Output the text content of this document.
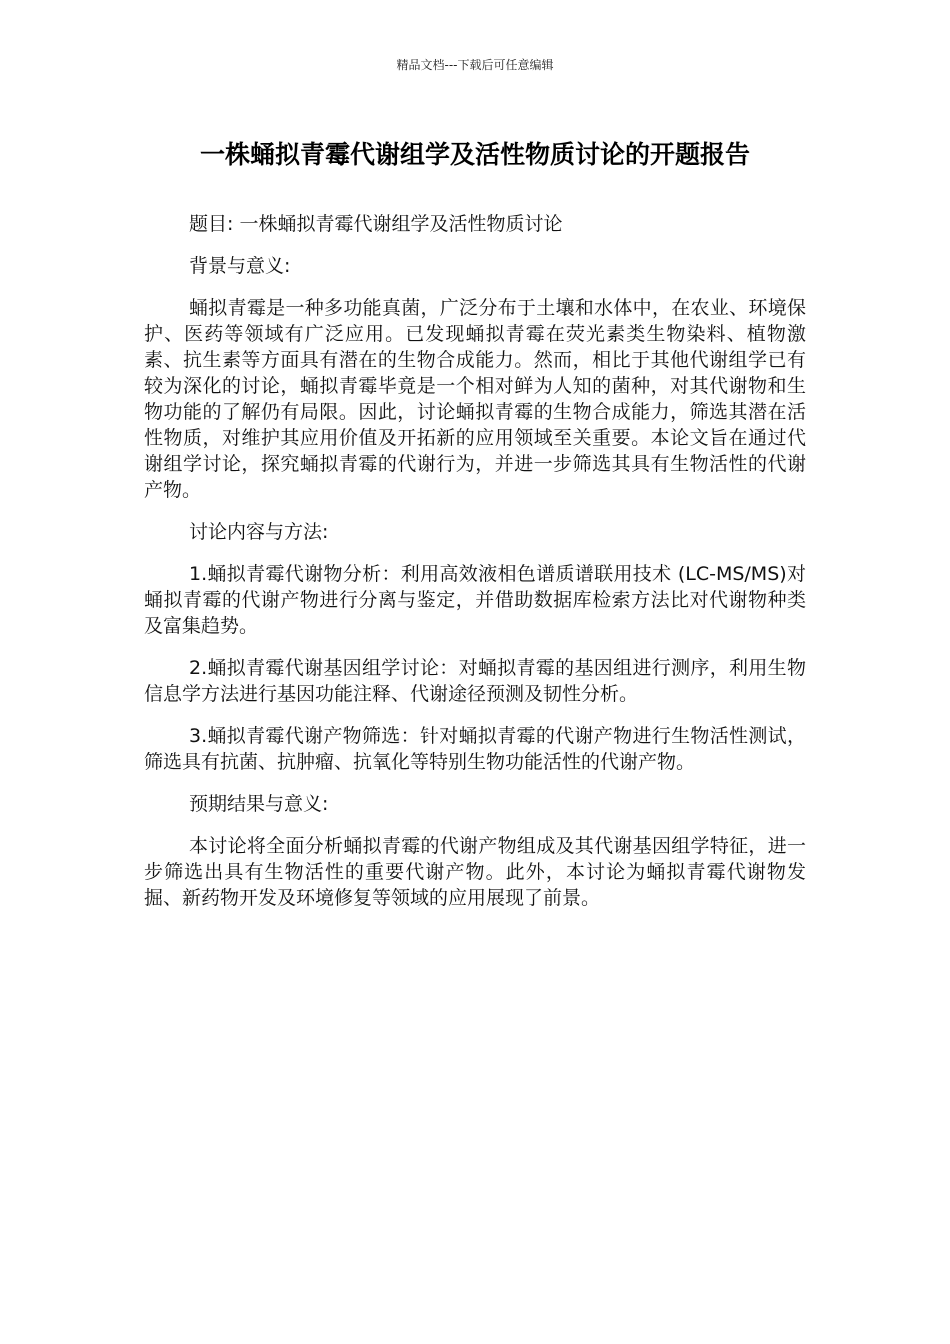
精品文档---下载后可任意编辑
一株蛹拟青霉代谢组学及活性物质讨论的开题报告

题目: 一株蛹拟青霉代谢组学及活性物质讨论

背景与意义:

蛹拟青霉是一种多功能真菌，广泛分布于土壤和水体中，在农业、环境保护、医药等领域有广泛应用。已发现蛹拟青霉在荧光素类生物染料、植物激素、抗生素等方面具有潜在的生物合成能力。然而，相比于其他代谢组学已有较为深化的讨论，蛹拟青霉毕竟是一个相对鲜为人知的菌种，对其代谢物和生物功能的了解仍有局限。因此，讨论蛹拟青霉的生物合成能力，筛选其潜在活性物质，对维护其应用价值及开拓新的应用领域至关重要。本论文旨在通过代谢组学讨论，探究蛹拟青霉的代谢行为，并进一步筛选其具有生物活性的代谢产物。

讨论内容与方法:

1.蛹拟青霉代谢物分析：利用高效液相色谱质谱联用技术 (LC-MS/MS)对蛹拟青霉的代谢产物进行分离与鉴定，并借助数据库检索方法比对代谢物种类及富集趋势。

2.蛹拟青霉代谢基因组学讨论：对蛹拟青霉的基因组进行测序，利用生物信息学方法进行基因功能注释、代谢途径预测及韧性分析。

3.蛹拟青霉代谢产物筛选：针对蛹拟青霉的代谢产物进行生物活性测试，筛选具有抗菌、抗肿瘤、抗氧化等特别生物功能活性的代谢产物。

预期结果与意义:

本讨论将全面分析蛹拟青霉的代谢产物组成及其代谢基因组学特征，进一步筛选出具有生物活性的重要代谢产物。此外，本讨论为蛹拟青霉代谢物发掘、新药物开发及环境修复等领域的应用展现了前景。
